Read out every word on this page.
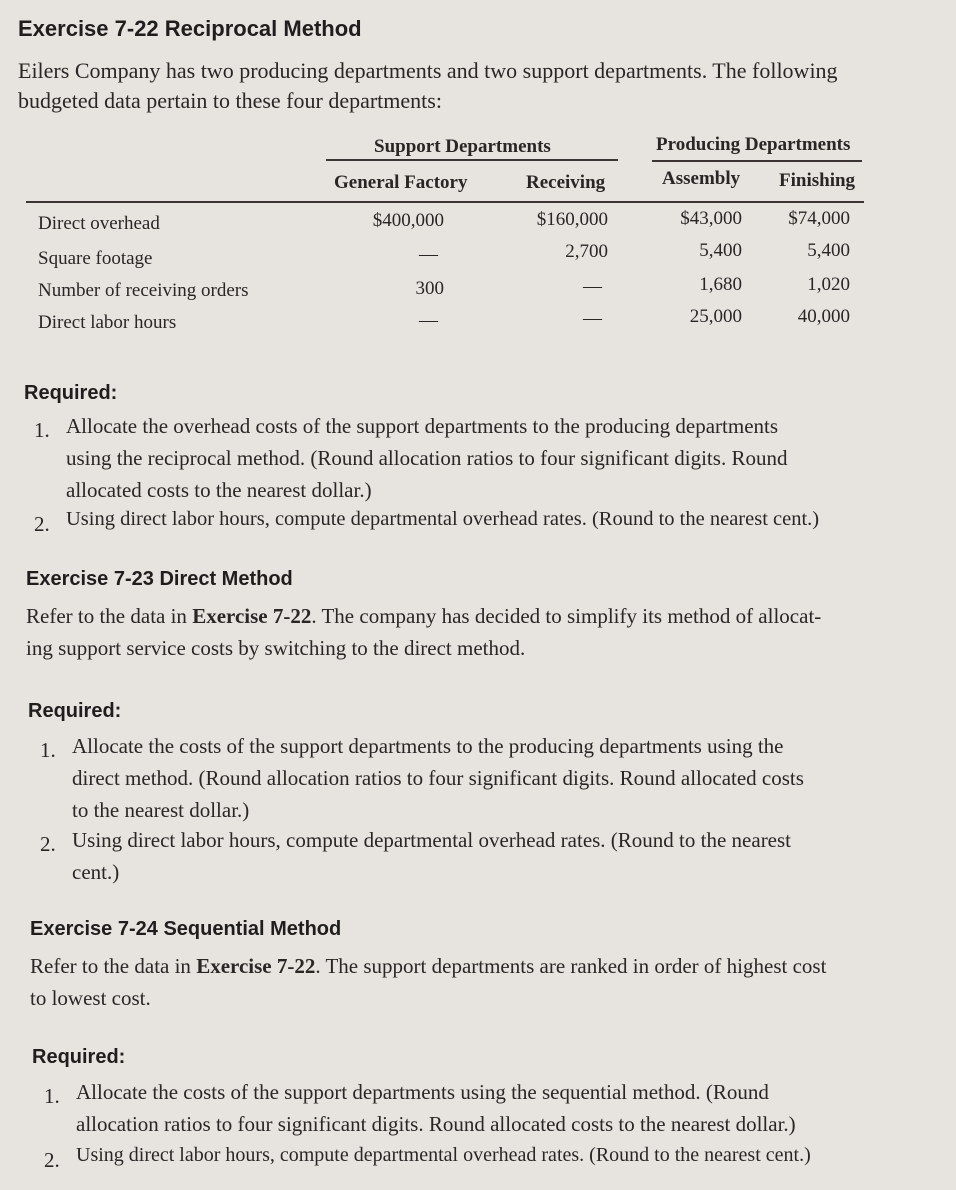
Exercise 7-22 Reciprocal Method
Eilers Company has two producing departments and two support departments. The following
budgeted data pertain to these four departments:
Support Departments	Producing Departments
General Factory	Receiving	Assembly Finishing
Direct overhead	$400,000	$160,000	$43,000 $74,000
Square footage	—	2,700	5,400	5,400
Number of receiving orders	300	—	1,680	1,020
Direct labor hours	—	—	25,000	40,000
Required:
1. Allocate the overhead costs of the support departments to the producing departments
using the reciprocal method. (Round allocation ratios to four significant digits. Round
allocated costs to the nearest dollar.)
2. Using direct labor hours, compute departmental overhead rates. (Round to the nearest cent.)
Exercise 7-23 Direct Method
Refer to the data in Exercise 7-22. The company has decided to simplify its method of allocat-
ing support service costs by switching to the direct method.
Required:
1. Allocate the costs of the support departments to the producing departments using the
direct method. (Round allocation ratios to four significant digits. Round allocated costs
to the nearest dollar.)
2. Using direct labor hours, compute departmental overhead rates. (Round to the nearest
cent.)
Exercise 7-24 Sequential Method
Refer to the data in Exercise 7-22. The support departments are ranked in order of highest cost
to lowest cost.
Required:
1. Allocate the costs of the support departments using the sequential method. (Round
allocation ratios to four significant digits. Round allocated costs to the nearest dollar.)
2. Using direct labor hours, compute departmental overhead rates. (Round to the nearest cent.)
